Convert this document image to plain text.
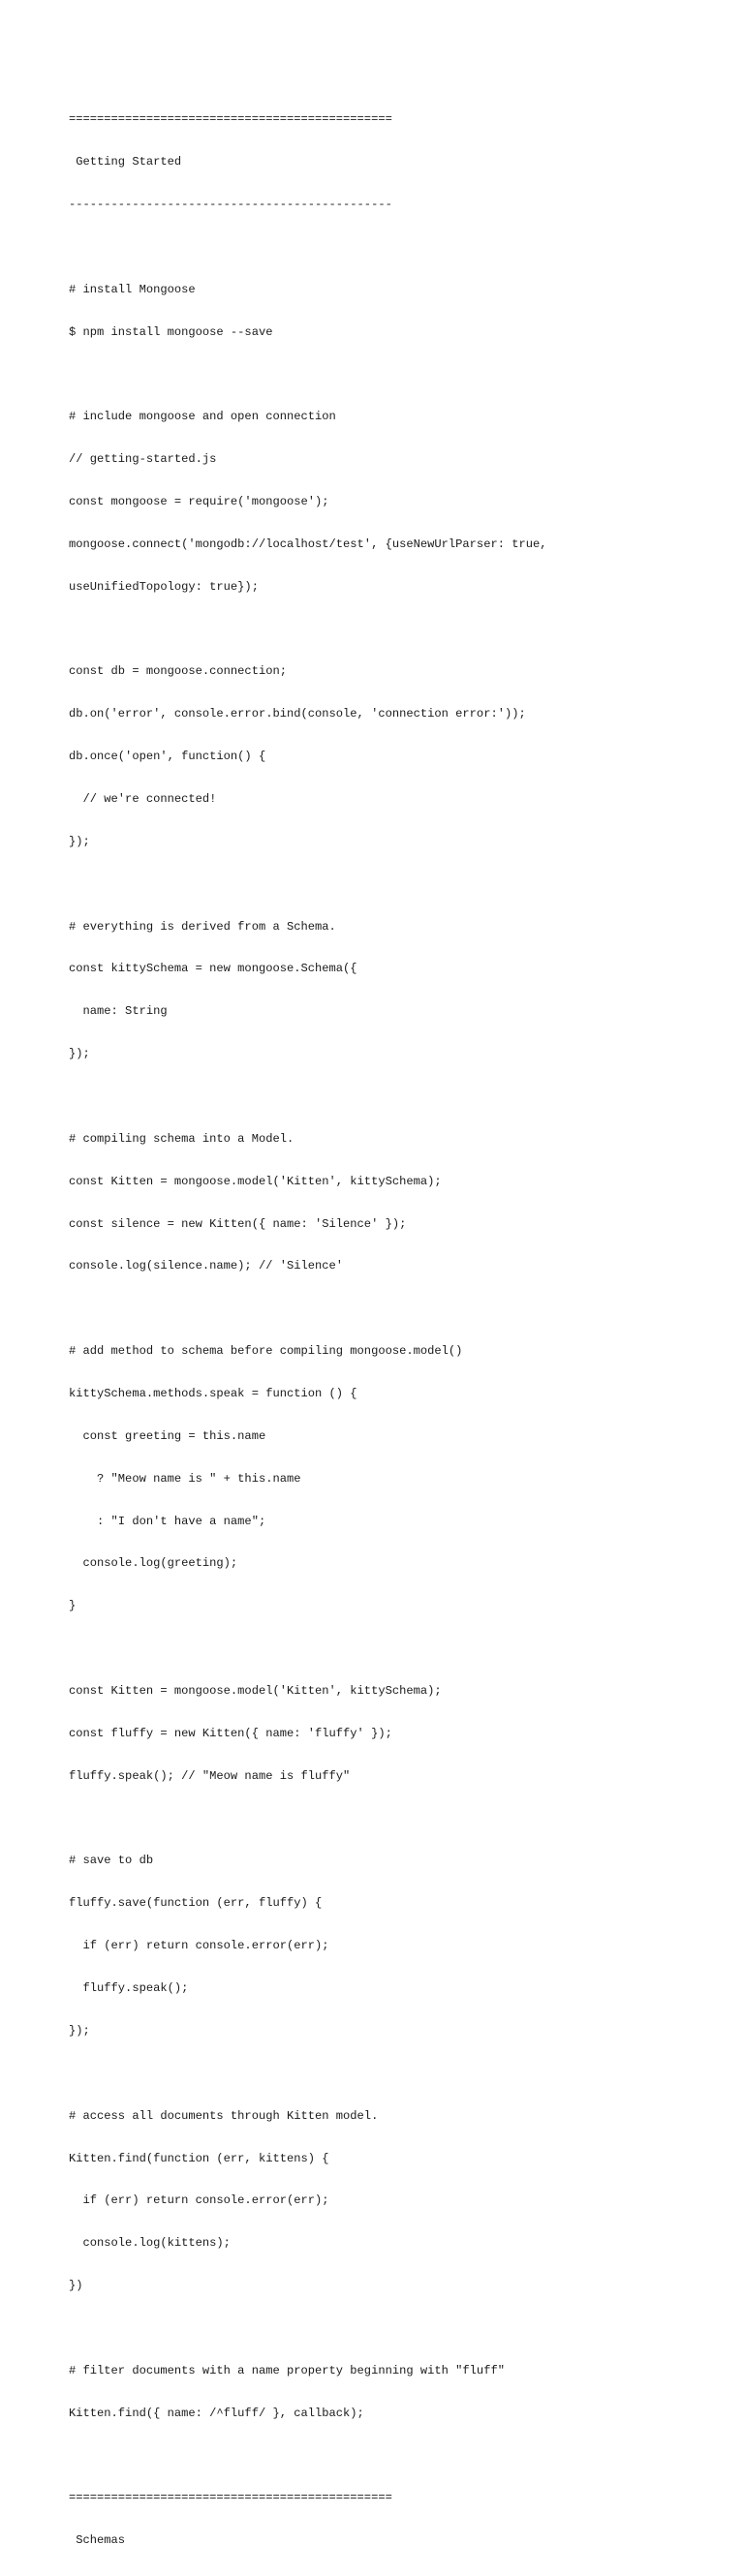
==============================================

Getting Started

----------------------------------------------

# install Mongoose

$ npm install mongoose --save

# include mongoose and open connection

// getting-started.js

const mongoose = require('mongoose');

mongoose.connect('mongodb://localhost/test', {useNewUrlParser: true,

useUnifiedTopology: true});

const db = mongoose.connection;

db.on('error', console.error.bind(console, 'connection error:'));

db.once('open', function() {

// we're connected!

});

# everything is derived from a Schema.

const kittySchema = new mongoose.Schema({

name: String

});

# compiling schema into a Model.

const Kitten = mongoose.model('Kitten', kittySchema);

const silence = new Kitten({ name: 'Silence' });

console.log(silence.name); // 'Silence'

# add method to schema before compiling mongoose.model()

kittySchema.methods.speak = function () {

const greeting = this.name

? "Meow name is " + this.name

: "I don't have a name";

console.log(greeting);

}

const Kitten = mongoose.model('Kitten', kittySchema);

const fluffy = new Kitten({ name: 'fluffy' });

fluffy.speak(); // "Meow name is fluffy"

# save to db

fluffy.save(function (err, fluffy) {

if (err) return console.error(err);

fluffy.speak();

});

# access all documents through Kitten model.

Kitten.find(function (err, kittens) {

if (err) return console.error(err);

console.log(kittens);

})

# filter documents with a name property beginning with "fluff"

Kitten.find({ name: /^fluff/ }, callback);

==============================================

Schemas
